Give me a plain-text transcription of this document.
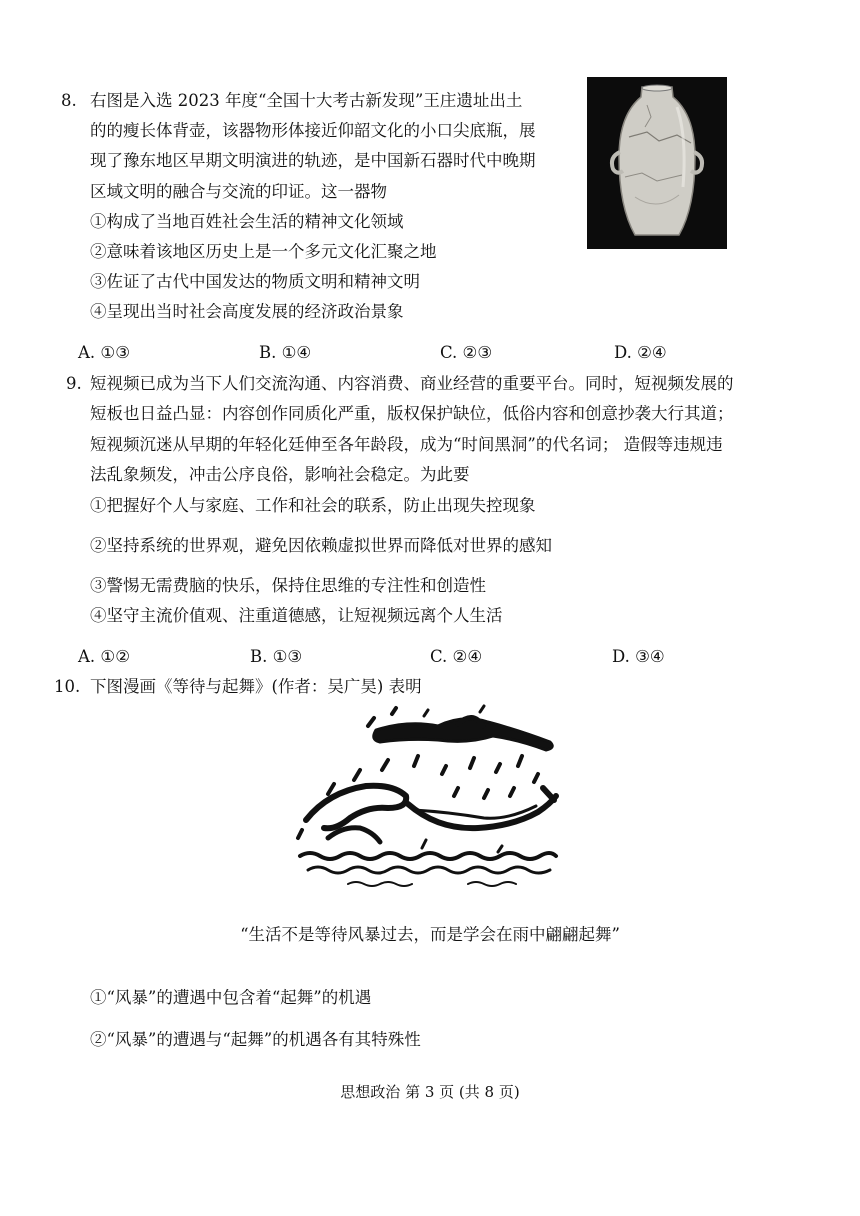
8. 右图是入选 2023 年度“全国十大考古新发现”王庄遗址出土
的的瘦长体背壶，该器物形体接近仰韶文化的小口尖底瓶，展
现了豫东地区早期文明演进的轨迹，是中国新石器时代中晚期
区域文明的融合与交流的印证。这一器物
①构成了当地百姓社会生活的精神文化领域
②意味着该地区历史上是一个多元文化汇聚之地
③佐证了古代中国发达的物质文明和精神文明
④呈现出当时社会高度发展的经济政治景象
A. ①③	B. ①④	C. ②③	D. ②④
9. 短视频已成为当下人们交流沟通、内容消费、商业经营的重要平台。同时，短视频发展的
短板也日益凸显：内容创作同质化严重，版权保护缺位，低俗内容和创意抄袭大行其道；
短视频沉迷从早期的年轻化廷伸至各年龄段，成为“时间黑洞”的代名词； 造假等违规违
法乱象频发，冲击公序良俗，影响社会稳定。为此要
①把握好个人与家庭、工作和社会的联系，防止出现失控现象
②坚持系统的世界观，避免因依赖虚拟世界而降低对世界的感知
③警惕无需费脑的快乐，保持住思维的专注性和创造性
④坚守主流价值观、注重道德感，让短视频远离个人生活
A. ①②	B. ①③	C. ②④	D. ③④
10. 下图漫画《等待与起舞》(作者：吴广昊) 表明
“生活不是等待风暴过去，而是学会在雨中翩翩起舞”
①“风暴”的遭遇中包含着“起舞”的机遇
②“风暴”的遭遇与“起舞”的机遇各有其特殊性
思想政治 第 3 页 (共 8 页)
